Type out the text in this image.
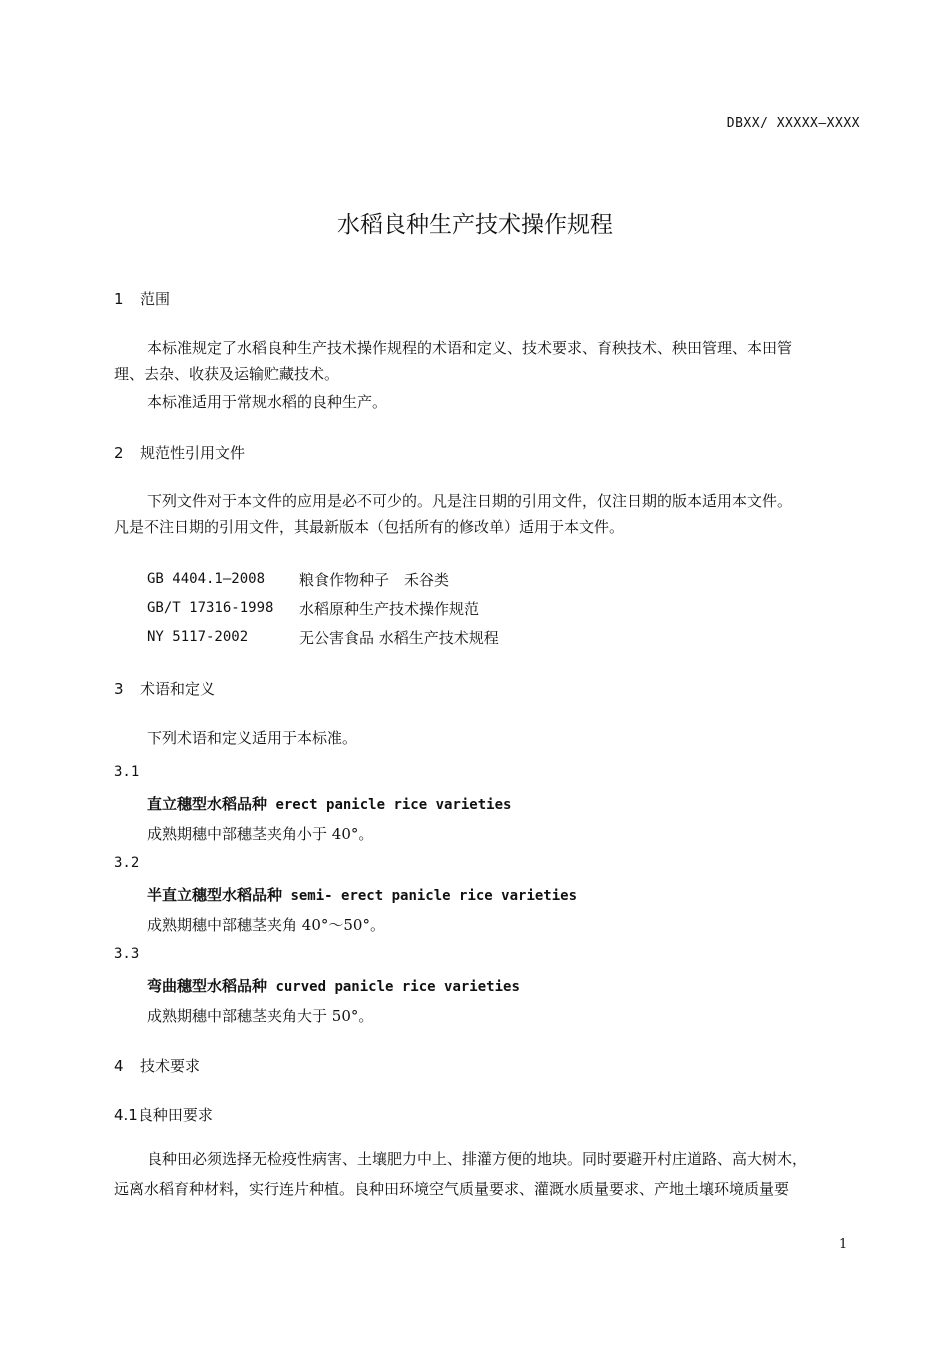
DBXX/ XXXXX—XXXX
水稻良种生产技术操作规程
1 范围
本标准规定了水稻良种生产技术操作规程的术语和定义、技术要求、育秧技术、秧田管理、本田管
理、去杂、收获及运输贮藏技术。
本标准适用于常规水稻的良种生产。
2 规范性引用文件
下列文件对于本文件的应用是必不可少的。凡是注日期的引用文件，仅注日期的版本适用本文件。
凡是不注日期的引用文件，其最新版本（包括所有的修改单）适用于本文件。
GB 4404.1—2008 粮食作物种子　禾谷类
GB/T 17316-1998 水稻原种生产技术操作规范
NY 5117-2002	无公害食品 水稻生产技术规程
3 术语和定义
下列术语和定义适用于本标准。
3.1
直立穗型水稻品种 erect panicle rice varieties
成熟期穗中部穗茎夹角小于 40°。
3.2
半直立穗型水稻品种 semi- erect panicle rice varieties
成熟期穗中部穗茎夹角 40°～50°。
3.3
弯曲穗型水稻品种 curved panicle rice varieties
成熟期穗中部穗茎夹角大于 50°。
4 技术要求
4.1良种田要求
良种田必须选择无检疫性病害、土壤肥力中上、排灌方便的地块。同时要避开村庄道路、高大树木，
远离水稻育种材料，实行连片种植。良种田环境空气质量要求、灌溉水质量要求、产地土壤环境质量要
1
